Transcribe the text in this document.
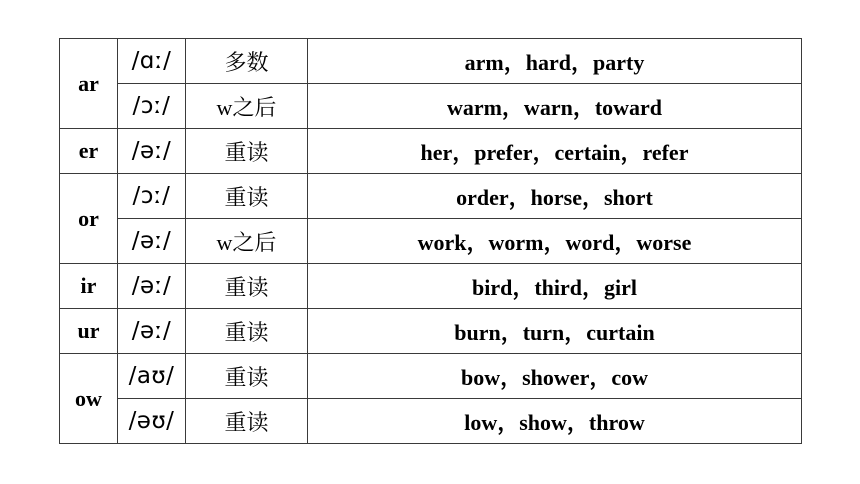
ar	/ɑː/	多数	arm，hard，party
	/ɔː/	w之后	warm，warn，toward
er	/əː/	重读	her，prefer，certain，refer
or	/ɔː/	重读	order，horse，short
	/əː/	w之后	work，worm，word，worse
ir	/əː/	重读	bird，third，girl
ur	/əː/	重读	burn，turn，curtain
ow	/aʊ/	重读	bow，shower，cow
	/əʊ/	重读	low，show，throw
